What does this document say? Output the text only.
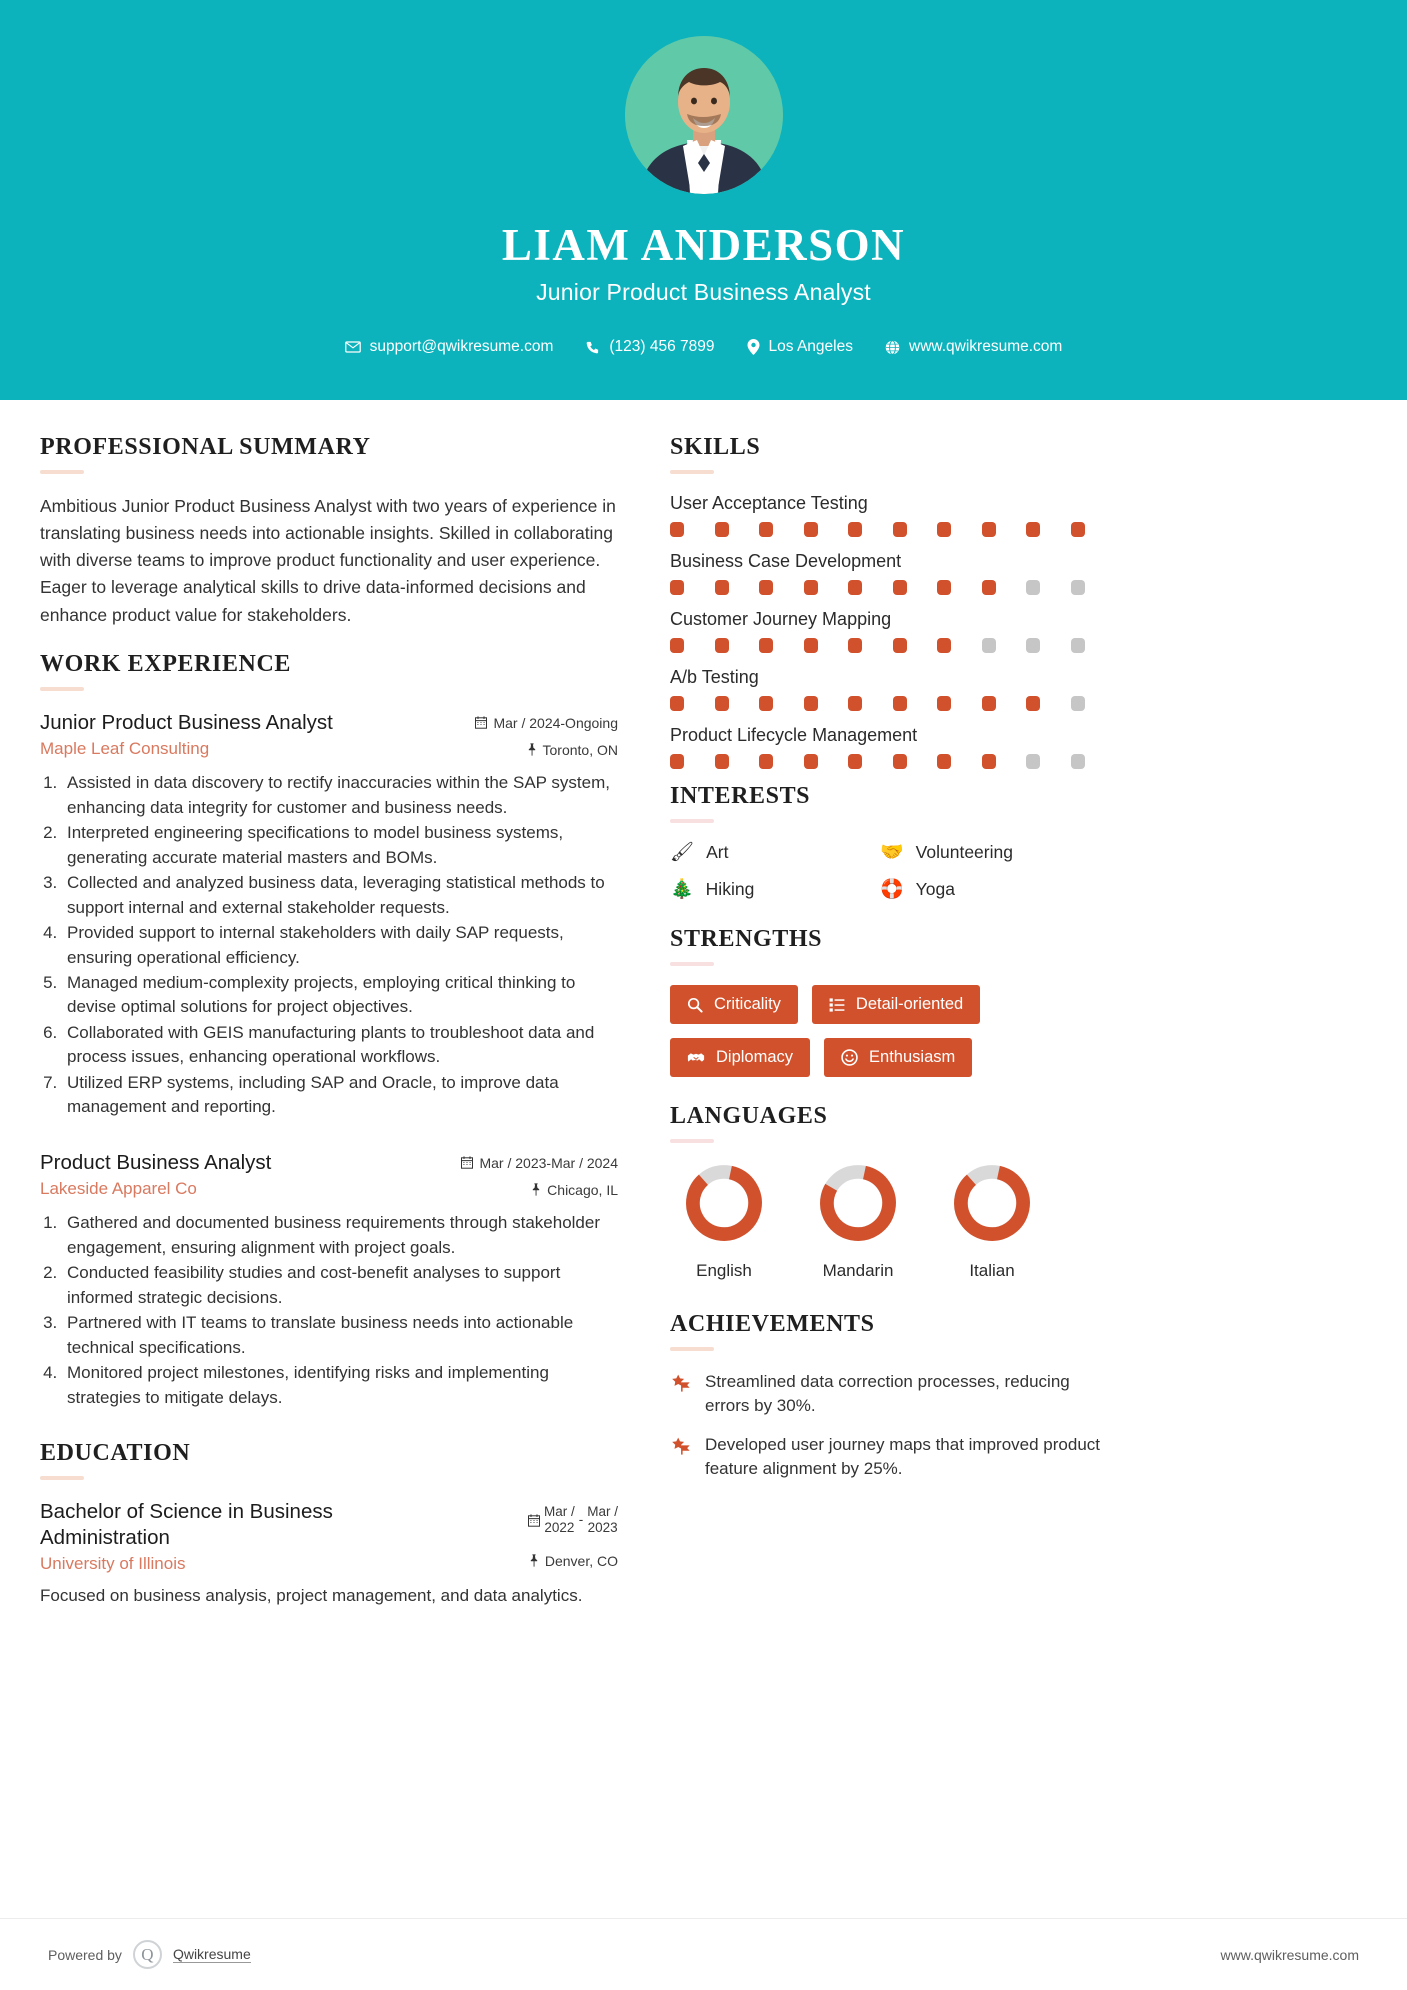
LIAM ANDERSON
Junior Product Business Analyst
support@qwikresume.com	(123) 456 7899	Los Angeles	www.qwikresume.com
PROFESSIONAL SUMMARY
Ambitious Junior Product Business Analyst with two years of experience in translating business needs into actionable insights. Skilled in collaborating with diverse teams to improve product functionality and user experience. Eager to leverage analytical skills to drive data-informed decisions and enhance product value for stakeholders.
WORK EXPERIENCE
Junior Product Business Analyst
Maple Leaf Consulting
Mar / 2024-Ongoing
Toronto, ON
1. Assisted in data discovery to rectify inaccuracies within the SAP system, enhancing data integrity for customer and business needs.
2. Interpreted engineering specifications to model business systems, generating accurate material masters and BOMs.
3. Collected and analyzed business data, leveraging statistical methods to support internal and external stakeholder requests.
4. Provided support to internal stakeholders with daily SAP requests, ensuring operational efficiency.
5. Managed medium-complexity projects, employing critical thinking to devise optimal solutions for project objectives.
6. Collaborated with GEIS manufacturing plants to troubleshoot data and process issues, enhancing operational workflows.
7. Utilized ERP systems, including SAP and Oracle, to improve data management and reporting.
Product Business Analyst
Lakeside Apparel Co
Mar / 2023-Mar / 2024
Chicago, IL
1. Gathered and documented business requirements through stakeholder engagement, ensuring alignment with project goals.
2. Conducted feasibility studies and cost-benefit analyses to support informed strategic decisions.
3. Partnered with IT teams to translate business needs into actionable technical specifications.
4. Monitored project milestones, identifying risks and implementing strategies to mitigate delays.
EDUCATION
Bachelor of Science in Business Administration
University of Illinois
Mar /
2022
-
Mar /
2023
Denver, CO
Focused on business analysis, project management, and data analytics.
SKILLS
User Acceptance Testing
Business Case Development
Customer Journey Mapping
A/b Testing
Product Lifecycle Management
INTERESTS
🖌 Art	🤝 Volunteering
🎄 Hiking	🛟 Yoga
STRENGTHS
Criticality	Detail-oriented
Diplomacy	Enthusiasm
LANGUAGES
English	Mandarin	Italian
ACHIEVEMENTS
Streamlined data correction processes, reducing errors by 30%.
Developed user journey maps that improved product feature alignment by 25%.
Powered by	Q	Qwikresume	www.qwikresume.com
